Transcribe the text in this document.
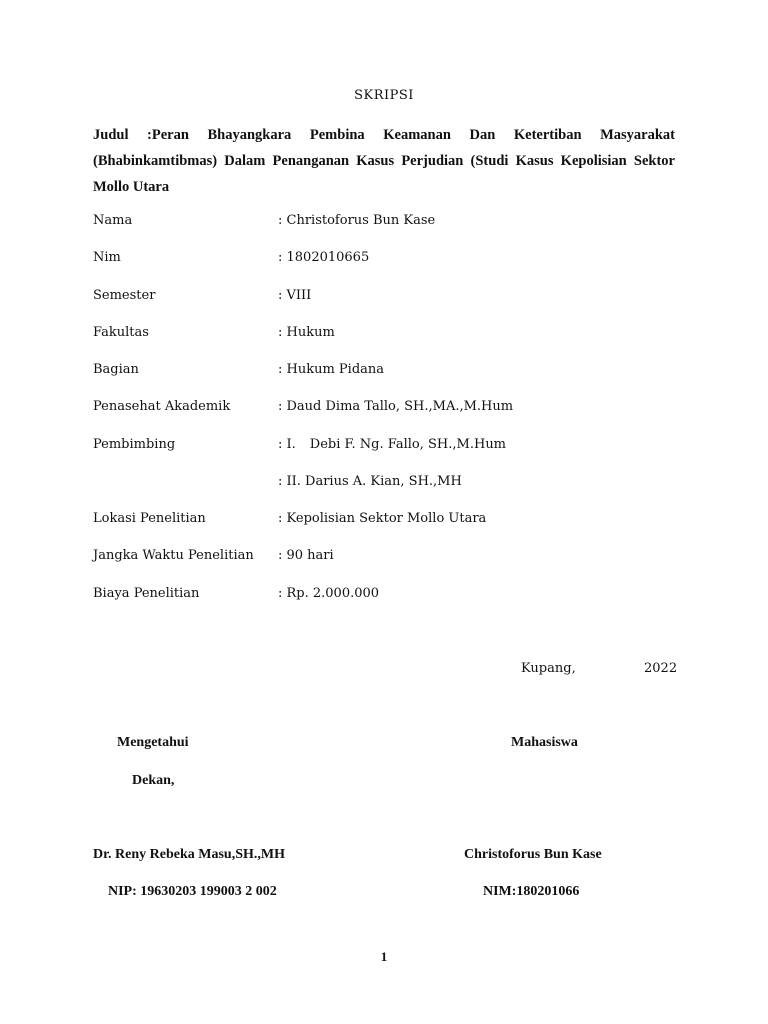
SKRIPSI
Judul :Peran Bhayangkara Pembina Keamanan Dan Ketertiban Masyarakat (Bhabinkamtibmas) Dalam Penanganan Kasus Perjudian (Studi Kasus Kepolisian Sektor Mollo Utara
Nama	: Christoforus Bun Kase
Nim	: 1802010665
Semester	: VIII
Fakultas	: Hukum
Bagian	: Hukum Pidana
Penasehat Akademik	: Daud Dima Tallo, SH.,MA.,M.Hum
Pembimbing	: I. Debi F. Ng. Fallo, SH.,M.Hum
: II. Darius A. Kian, SH.,MH
Lokasi Penelitian	: Kepolisian Sektor Mollo Utara
Jangka Waktu Penelitian : 90 hari
Biaya Penelitian	: Rp. 2.000.000
Kupang,	2022
Mengetahui	Mahasiswa
Dekan,
Dr. Reny Rebeka Masu,SH.,MH	Christoforus Bun Kase
NIP: 19630203 199003 2 002	NIM:180201066
1
